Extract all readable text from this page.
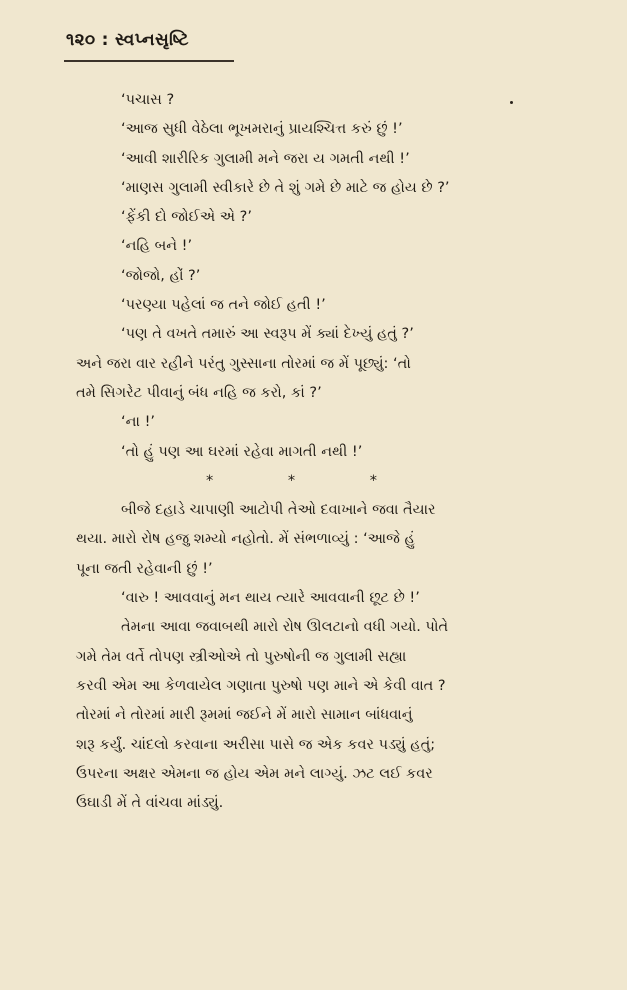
૧૨૦ : સ્વપ્નસૃષ્ટિ
‘પચાસ ?
‘આજ સુધી વેઠેલા ભૂખમરાનું પ્રાયશ્ચિત્ત કરું છું !’
‘આવી શારીરિક ગુલામી મને જરા ય ગમતી નથી !’
‘માણસ ગુલામી સ્વીકારે છે તે શું ગમે છે માટે જ હોય છે ?’
‘ફેંકી દો જોઈએ એ ?’
‘નહિ બને !’
‘જોજો, હોં ?’
‘પરણ્યા પહેલાં જ તને જોઈ હતી !’
‘પણ તે વખતે તમારું આ સ્વરૂપ મેં ક્યાં દેખ્યું હતું ?’
અને જરા વાર રહીને પરંતુ ગુસ્સાના તોરમાં જ મેં પૂછ્યું: ‘તો
તમે સિગરેટ પીવાનું બંધ નહિ જ કરો, કાં ?’
‘ના !’
‘તો હું પણ આ ઘરમાં રહેવા માગતી નથી !’
* * *
બીજે દહાડે ચાપાણી આટોપી તેઓ દવાખાને જવા તૈયાર
થયા. મારો રોષ હજુ શમ્યો નહોતો. મેં સંભળાવ્યું : ‘આજે હું
પૂના જતી રહેવાની છું !’
‘વારુ ! આવવાનું મન થાય ત્યારે આવવાની છૂટ છે !’
તેમના આવા જવાબથી મારો રોષ ઊલટાનો વધી ગયો. પોતે
ગમે તેમ વર્તે તોપણ સ્ત્રીઓએ તો પુરુષોની જ ગુલામી સહ્યા
કરવી એમ આ કેળવાયેલ ગણાતા પુરુષો પણ માને એ કેવી વાત ?
તોરમાં ને તોરમાં મારી રૂમમાં જઈને મેં મારો સામાન બાંધવાનું
શરૂ કર્યું. ચાંદલો કરવાના અરીસા પાસે જ એક કવર પડ્યું હતું;
ઉપરના અક્ષર એમના જ હોય એમ મને લાગ્યું. ઝટ લઈ કવર
ઉઘાડી મેં તે વાંચવા માંડ્યું.
